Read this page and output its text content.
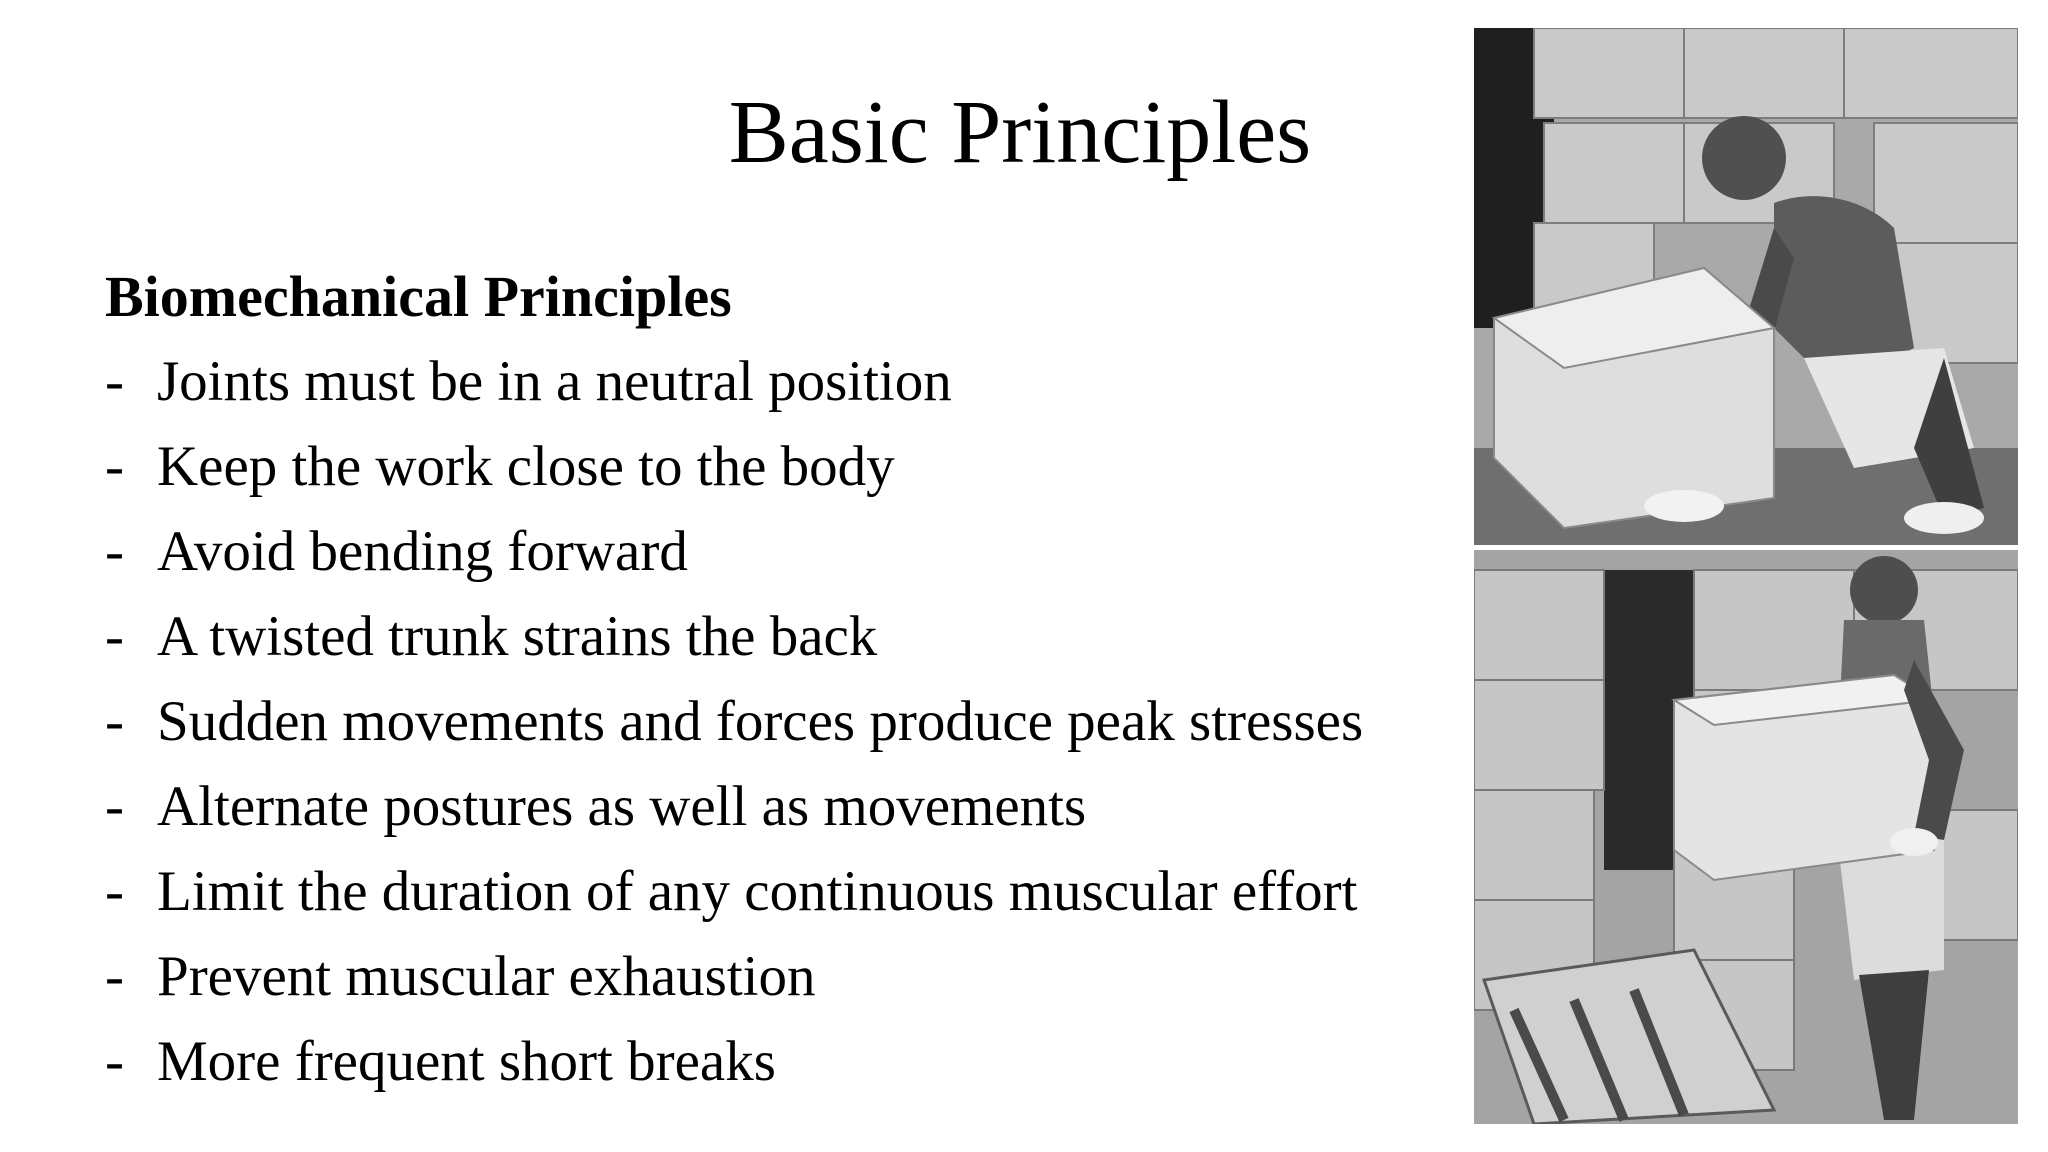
Basic Principles

Biomechanical Principles

- Joints must be in a neutral position
- Keep the work close to the body
- Avoid bending forward
- A twisted trunk strains the back
- Sudden movements and forces produce peak stresses
- Alternate postures as well as movements
- Limit the duration of any continuous muscular effort
- Prevent muscular exhaustion
- More frequent short breaks
